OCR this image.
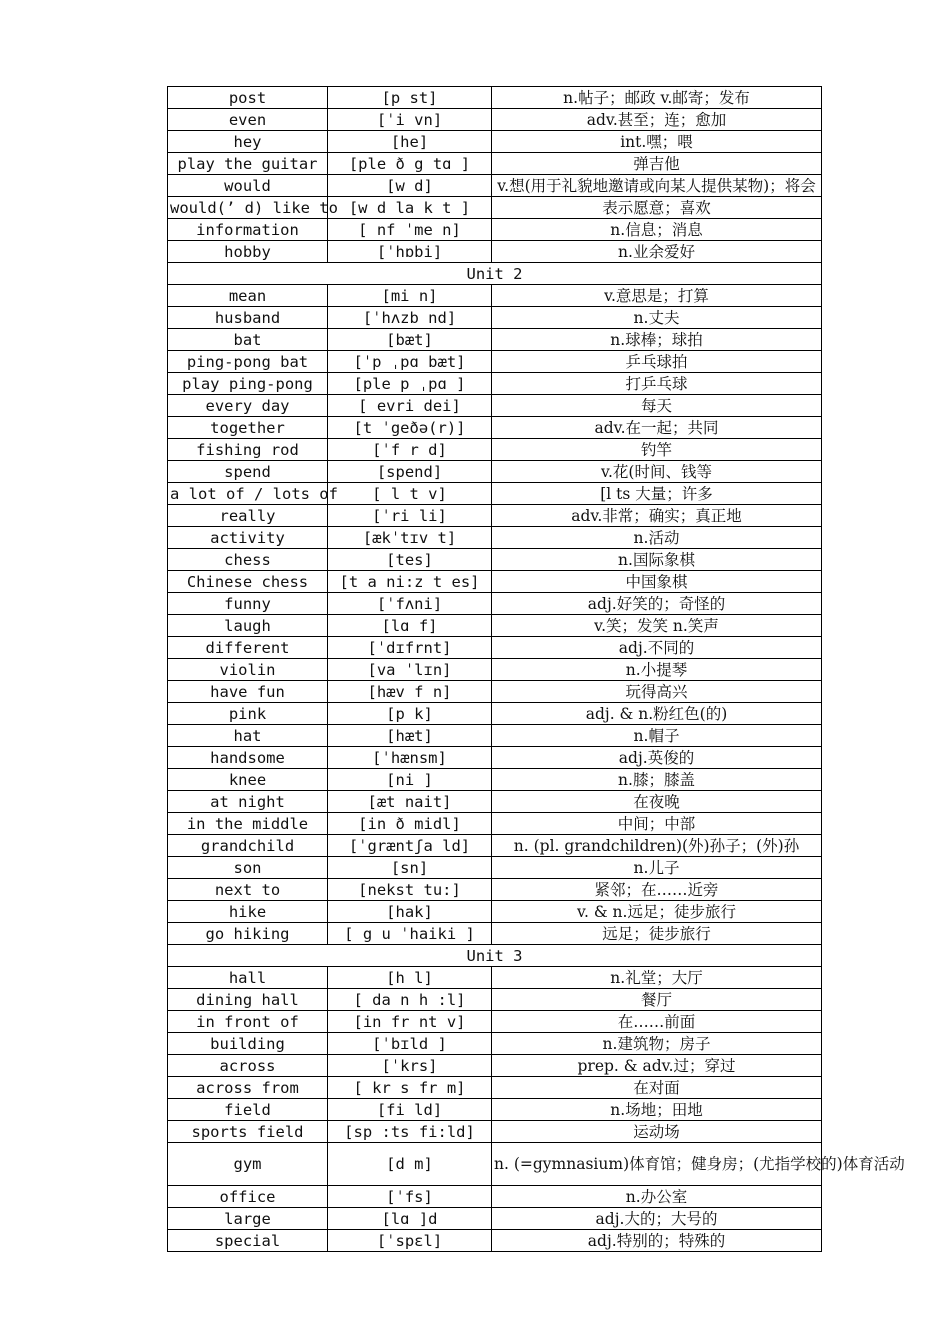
post	[p st]	n.帖子；邮政 v.邮寄；发布
even	[ˈi vn]	adv.甚至；连；愈加
hey	[he]	int.嘿；喂
play the guitar	[ple ð g tɑ ]	弹吉他
would	[w d]	v.想(用于礼貌地邀请或向某人提供某物)；将会
would(’ d) like to	[w d la k t ]	表示愿意；喜欢
information	[ nf ˈme n]	n.信息；消息
hobby	[ˈhɒbi]	n.业余爱好
Unit 2		
mean	[mi n]	v.意思是；打算
husband	[ˈhʌzb nd]	n.丈夫
bat	[bæt]	n.球棒；球拍
ping-pong bat	[ˈp ˌpɑ bæt]	乒乓球拍
play ping-pong	[ple p ˌpɑ ]	打乒乓球
every day	[ evri dei]	每天
together	[t ˈgeðə(r)]	adv.在一起；共同
fishing rod	[ˈf r d]	钓竿
spend	[spend]	v.花(时间、钱等
a lot of / lots of	[ l t v]	[l ts 大量；许多
really	[ˈri li]	adv.非常；确实；真正地
activity	[ækˈtɪv t]	n.活动
chess	[tes]	n.国际象棋
Chinese chess	[t a ni:z t es]	中国象棋
funny	[ˈfʌni]	adj.好笑的；奇怪的
laugh	[lɑ f]	v.笑；发笑 n.笑声
different	[ˈdɪfrnt]	adj.不同的
violin	[va ˈlɪn]	n.小提琴
have fun	[hæv f n]	玩得高兴
pink	[p k]	adj. & n.粉红色(的)
hat	[hæt]	n.帽子
handsome	[ˈhænsm]	adj.英俊的
knee	[ni ]	n.膝；膝盖
at night	[æt nait]	在夜晚
in the middle	[in ð midl]	中间；中部
grandchild	[ˈgræntʃa ld]	n. (pl. grandchildren)(外)孙子；(外)孙
son	[sn]	n.儿子
next to	[nekst tu:]	紧邻；在……近旁
hike	[hak]	v. & n.远足；徒步旅行
go hiking	[ g u ˈhaiki ]	远足；徒步旅行
Unit 3		
hall	[h l]	n.礼堂；大厅
dining hall	[ da n h :l]	餐厅
in front of	[in fr nt v]	在……前面
building	[ˈbɪld ]	n.建筑物；房子
across	[ˈkrs]	prep. & adv.过；穿过
across from	[ kr s fr m]	在对面
field	[fi ld]	n.场地；田地
sports field	[sp :ts fi:ld]	运动场
gym	[d m]	n. (=gymnasium)体育馆；健身房；(尤指学校的)体育活动
office	[ˈfs]	n.办公室
large	[lɑ ]d	adj.大的；大号的
special	[ˈspɛl]	adj.特别的；特殊的
